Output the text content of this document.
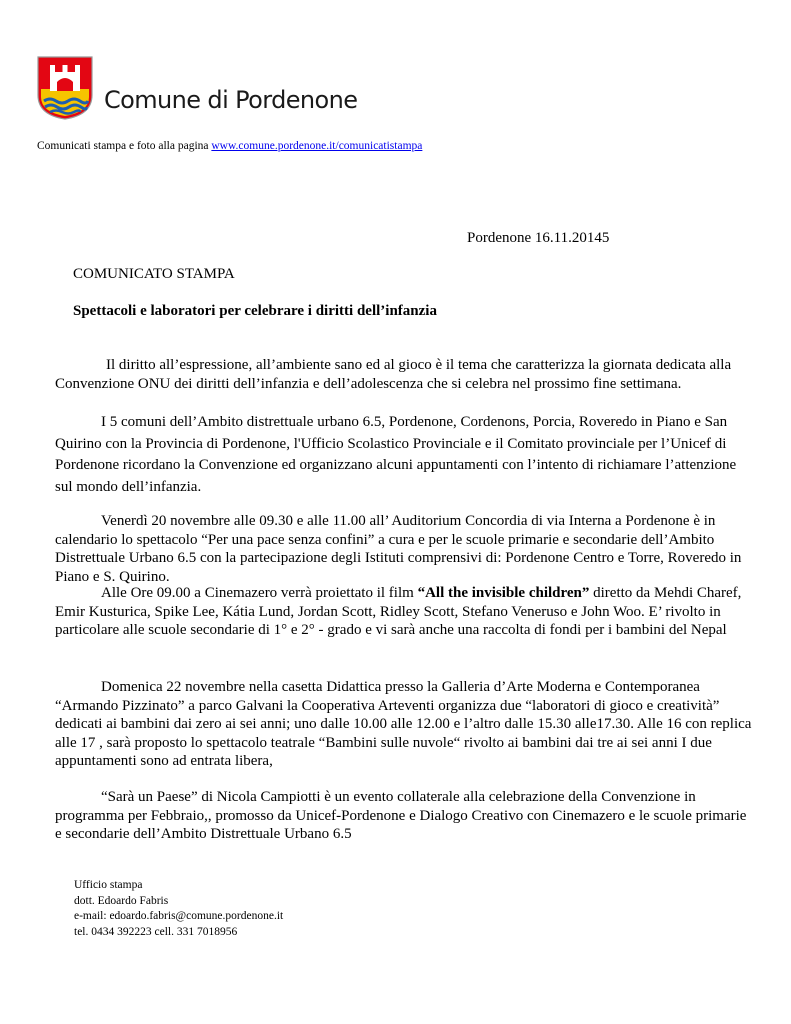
Comune di Pordenone
Comunicati stampa e foto alla pagina www.comune.pordenone.it/comunicatistampa
Pordenone 16.11.20145
COMUNICATO STAMPA
Spettacoli e laboratori per celebrare i diritti dell’infanzia

Il diritto all’espressione, all’ambiente sano ed al gioco è il tema che caratterizza la giornata dedicata alla Convenzione ONU dei diritti dell’infanzia e dell’adolescenza che si celebra nel prossimo fine settimana.

I 5 comuni dell’Ambito distrettuale urbano 6.5, Pordenone, Cordenons, Porcia, Roveredo in Piano e San Quirino con la Provincia di Pordenone, l'Ufficio Scolastico Provinciale e il Comitato provinciale per l’Unicef di Pordenone ricordano la Convenzione ed organizzano alcuni appuntamenti con l’intento di richiamare l’attenzione sul mondo dell’infanzia.

Venerdì 20 novembre alle 09.30 e alle 11.00 all’ Auditorium Concordia di via Interna a Pordenone è in calendario lo spettacolo “Per una pace senza confini” a cura e per le scuole primarie e secondarie dell’Ambito Distrettuale Urbano 6.5 con la partecipazione degli Istituti comprensivi di: Pordenone Centro e Torre, Roveredo in Piano e S. Quirino.

Alle Ore 09.00 a Cinemazero verrà proiettato il film “All the invisible children” diretto da Mehdi Charef, Emir Kusturica, Spike Lee, Kátia Lund, Jordan Scott, Ridley Scott, Stefano Veneruso e John Woo. E’ rivolto in particolare alle scuole secondarie di 1° e 2° - grado e vi sarà anche una raccolta di fondi per i bambini del Nepal

Domenica 22 novembre nella casetta Didattica presso la Galleria d’Arte Moderna e Contemporanea “Armando Pizzinato” a parco Galvani la Cooperativa Arteventi organizza due “laboratori di gioco e creatività” dedicati ai bambini dai zero ai sei anni; uno dalle 10.00 alle 12.00 e l’altro dalle 15.30 alle17.30. Alle 16 con replica alle 17 , sarà proposto lo spettacolo teatrale “Bambini sulle nuvole“ rivolto ai bambini dai tre ai sei anni I due appuntamenti sono ad entrata libera,

“Sarà un Paese” di Nicola Campiotti è un evento collaterale alla celebrazione della Convenzione in programma per Febbraio,, promosso da Unicef-Pordenone e Dialogo Creativo con Cinemazero e le scuole primarie e secondarie dell’Ambito Distrettuale Urbano 6.5

Ufficio stampa
dott. Edoardo Fabris
e-mail: edoardo.fabris@comune.pordenone.it
tel. 0434 392223 cell. 331 7018956
